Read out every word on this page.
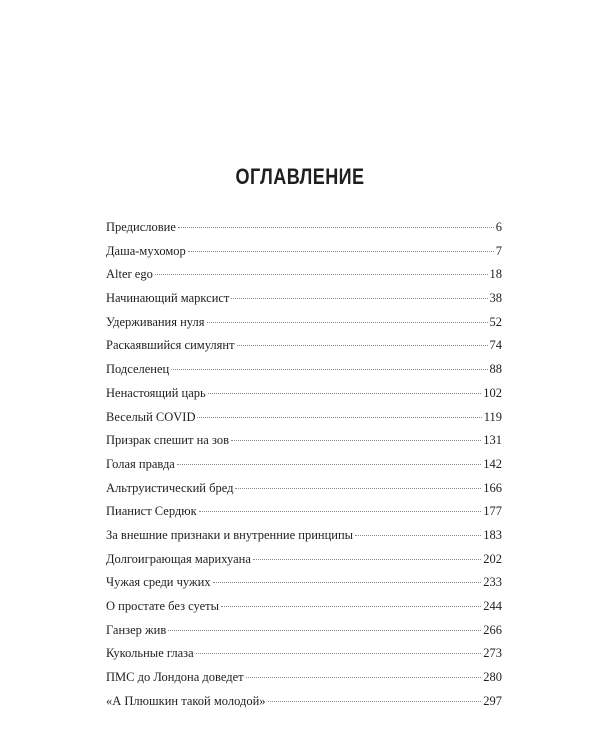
ОГЛАВЛЕНИЕ
Предисловие	6
Даша-мухомор	7
Alter ego	18
Начинающий марксист	38
Удерживания нуля	52
Раскаявшийся симулянт	74
Подселенец	88
Ненастоящий царь	102
Веселый COVID	119
Призрак спешит на зов	131
Голая правда	142
Альтруистический бред	166
Пианист Сердюк	177
За внешние признаки и внутренние принципы	183
Долгоиграющая марихуана	202
Чужая среди чужих	233
О простате без суеты	244
Ганзер жив	266
Кукольные глаза	273
ПМС до Лондона доведет	280
«А Плюшкин такой молодой»	297
